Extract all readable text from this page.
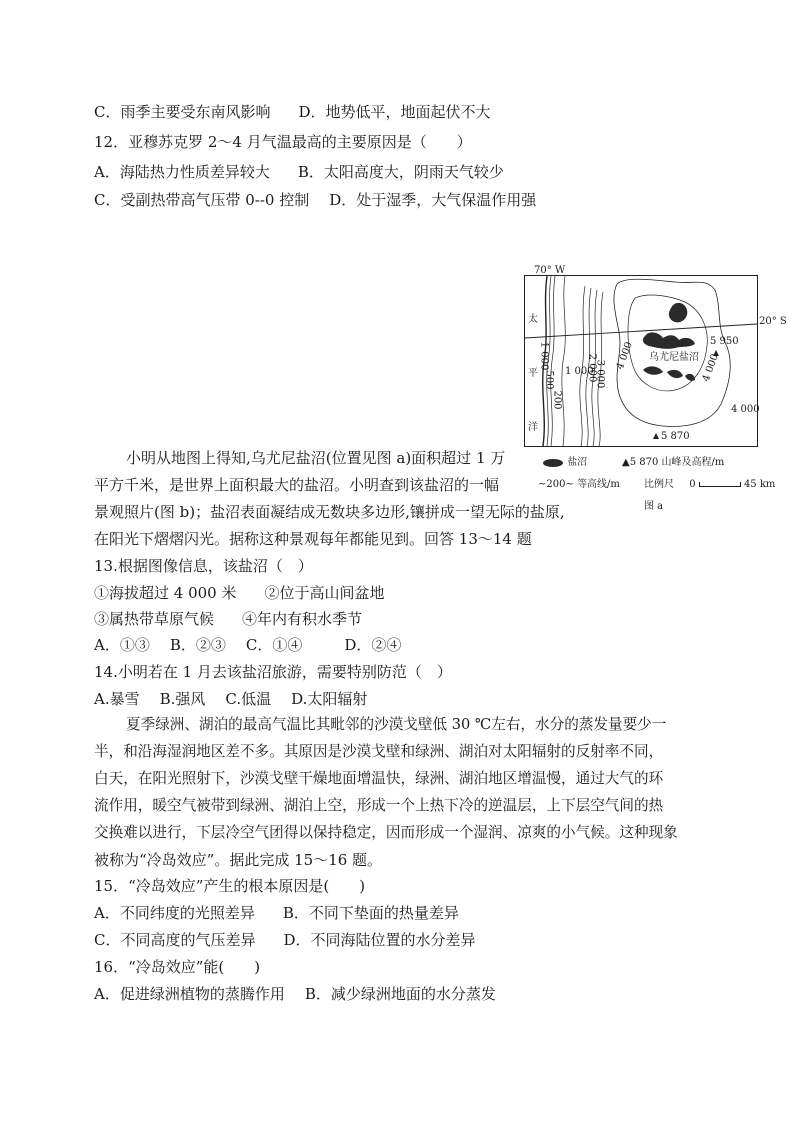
C．雨季主要受东南风影响 D．地势低平，地面起伏不大
12．亚穆苏克罗 2～4 月气温最高的主要原因是（　　）
A．海陆热力性质差异较大 B．太阳高度大，阴雨天气较少
C．受副热带高气压带 0--0 控制 D．处于湿季，大气保温作用强
小明从地图上得知,乌尤尼盐沼(位置见图 a)面积超过 1 万
平方千米，是世界上面积最大的盐沼。小明查到该盐沼的一幅
景观照片(图 b)；盐沼表面凝结成无数块多边形,镶拼成一望无际的盐原,
在阳光下熠熠闪光。据称这种景观每年都能见到。回答 13～14 题
13.根据图像信息，该盐沼（　）
①海拔超过 4 000 米 ②位于高山间盆地
③属热带草原气候 ④年内有积水季节
A．①③ B．②③ C．①④	D．②④
14.小明若在 1 月去该盐沼旅游，需要特别防范（　）
A.暴雪 B.强风 C.低温 D.太阳辐射
夏季绿洲、湖泊的最高气温比其毗邻的沙漠戈壁低 30 ℃左右，水分的蒸发量要少一
半，和沿海湿润地区差不多。其原因是沙漠戈壁和绿洲、湖泊对太阳辐射的反射率不同，
白天，在阳光照射下，沙漠戈壁干燥地面增温快，绿洲、湖泊地区增温慢，通过大气的环
流作用，暖空气被带到绿洲、湖泊上空，形成一个上热下冷的逆温层，上下层空气间的热
交换难以进行，下层冷空气团得以保持稳定，因而形成一个湿润、凉爽的小气候。这种现象
被称为“冷岛效应”。据此完成 15～16 题。
15．“冷岛效应”产生的根本原因是(　　)
A．不同纬度的光照差异 B．不同下垫面的热量差异
C．不同高度的气压差异 D．不同海陆位置的水分差异
16．“冷岛效应”能(　　)
A．促进绿洲植物的蒸腾作用 B．减少绿洲地面的水分蒸发
70° W
太
平
洋
20° S
乌尤尼盐沼
200
500
1 000
1 000
2 000
3 000
4 000	4 000
4 000
5 950
5 870
盐沼	▲5 870 山峰及高程/m
~200~ 等高线/m 比例尺 0	45 km
图 a
